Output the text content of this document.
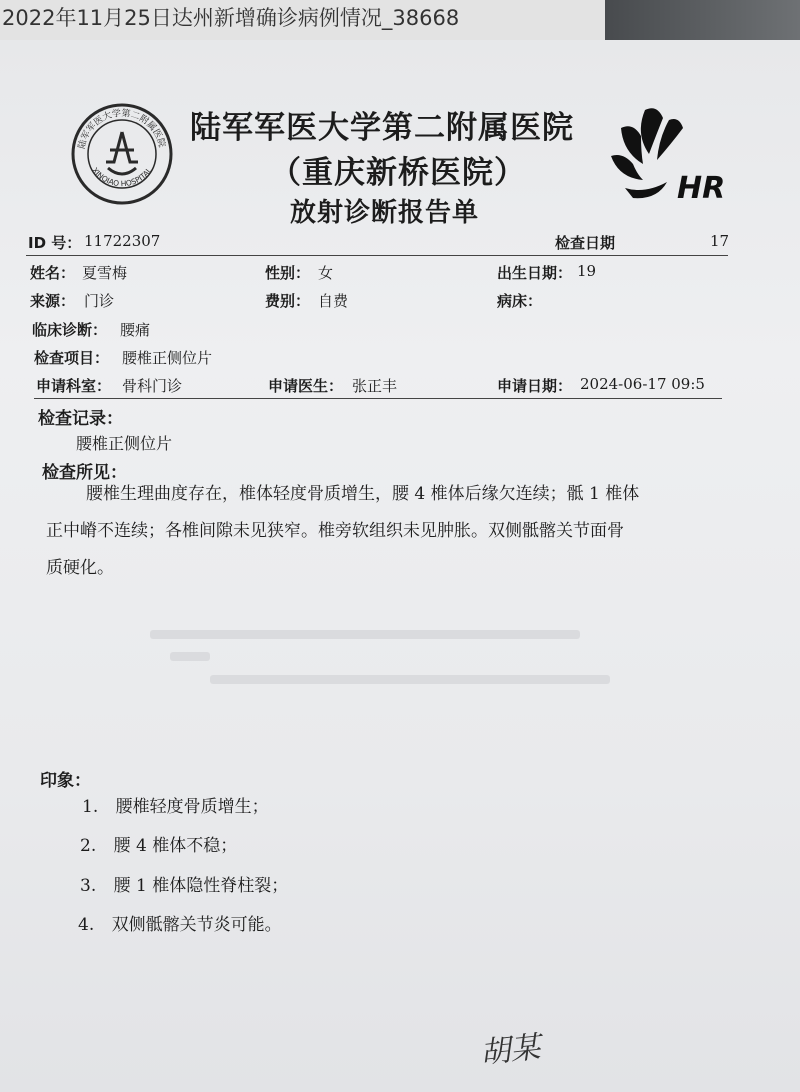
2022年11月25日达州新增确诊病例情况_38668
陆军军医大学第二附属医院
XINQIAO HOSPITAL
陆军军医大学第二附属医院
（重庆新桥医院）
放射诊断报告单
HR
ID 号： 11722307	检查日期	17
姓名： 夏雪梅	性别： 女	出生日期： 19
来源： 门诊	费别： 自费	病床：
临床诊断： 腰痛
检查项目： 腰椎正侧位片
申请科室： 骨科门诊	申请医生： 张正丰	申请日期： 2024-06-17 09:5
检查记录：
腰椎正侧位片
检查所见：
腰椎生理曲度存在，椎体轻度骨质增生，腰 4 椎体后缘欠连续；骶 1 椎体
正中嵴不连续；各椎间隙未见狭窄。椎旁软组织未见肿胀。双侧骶髂关节面骨
质硬化。
印象：
1. 腰椎轻度骨质增生；
2. 腰 4 椎体不稳；
3. 腰 1 椎体隐性脊柱裂；
4. 双侧骶髂关节炎可能。
胡某
